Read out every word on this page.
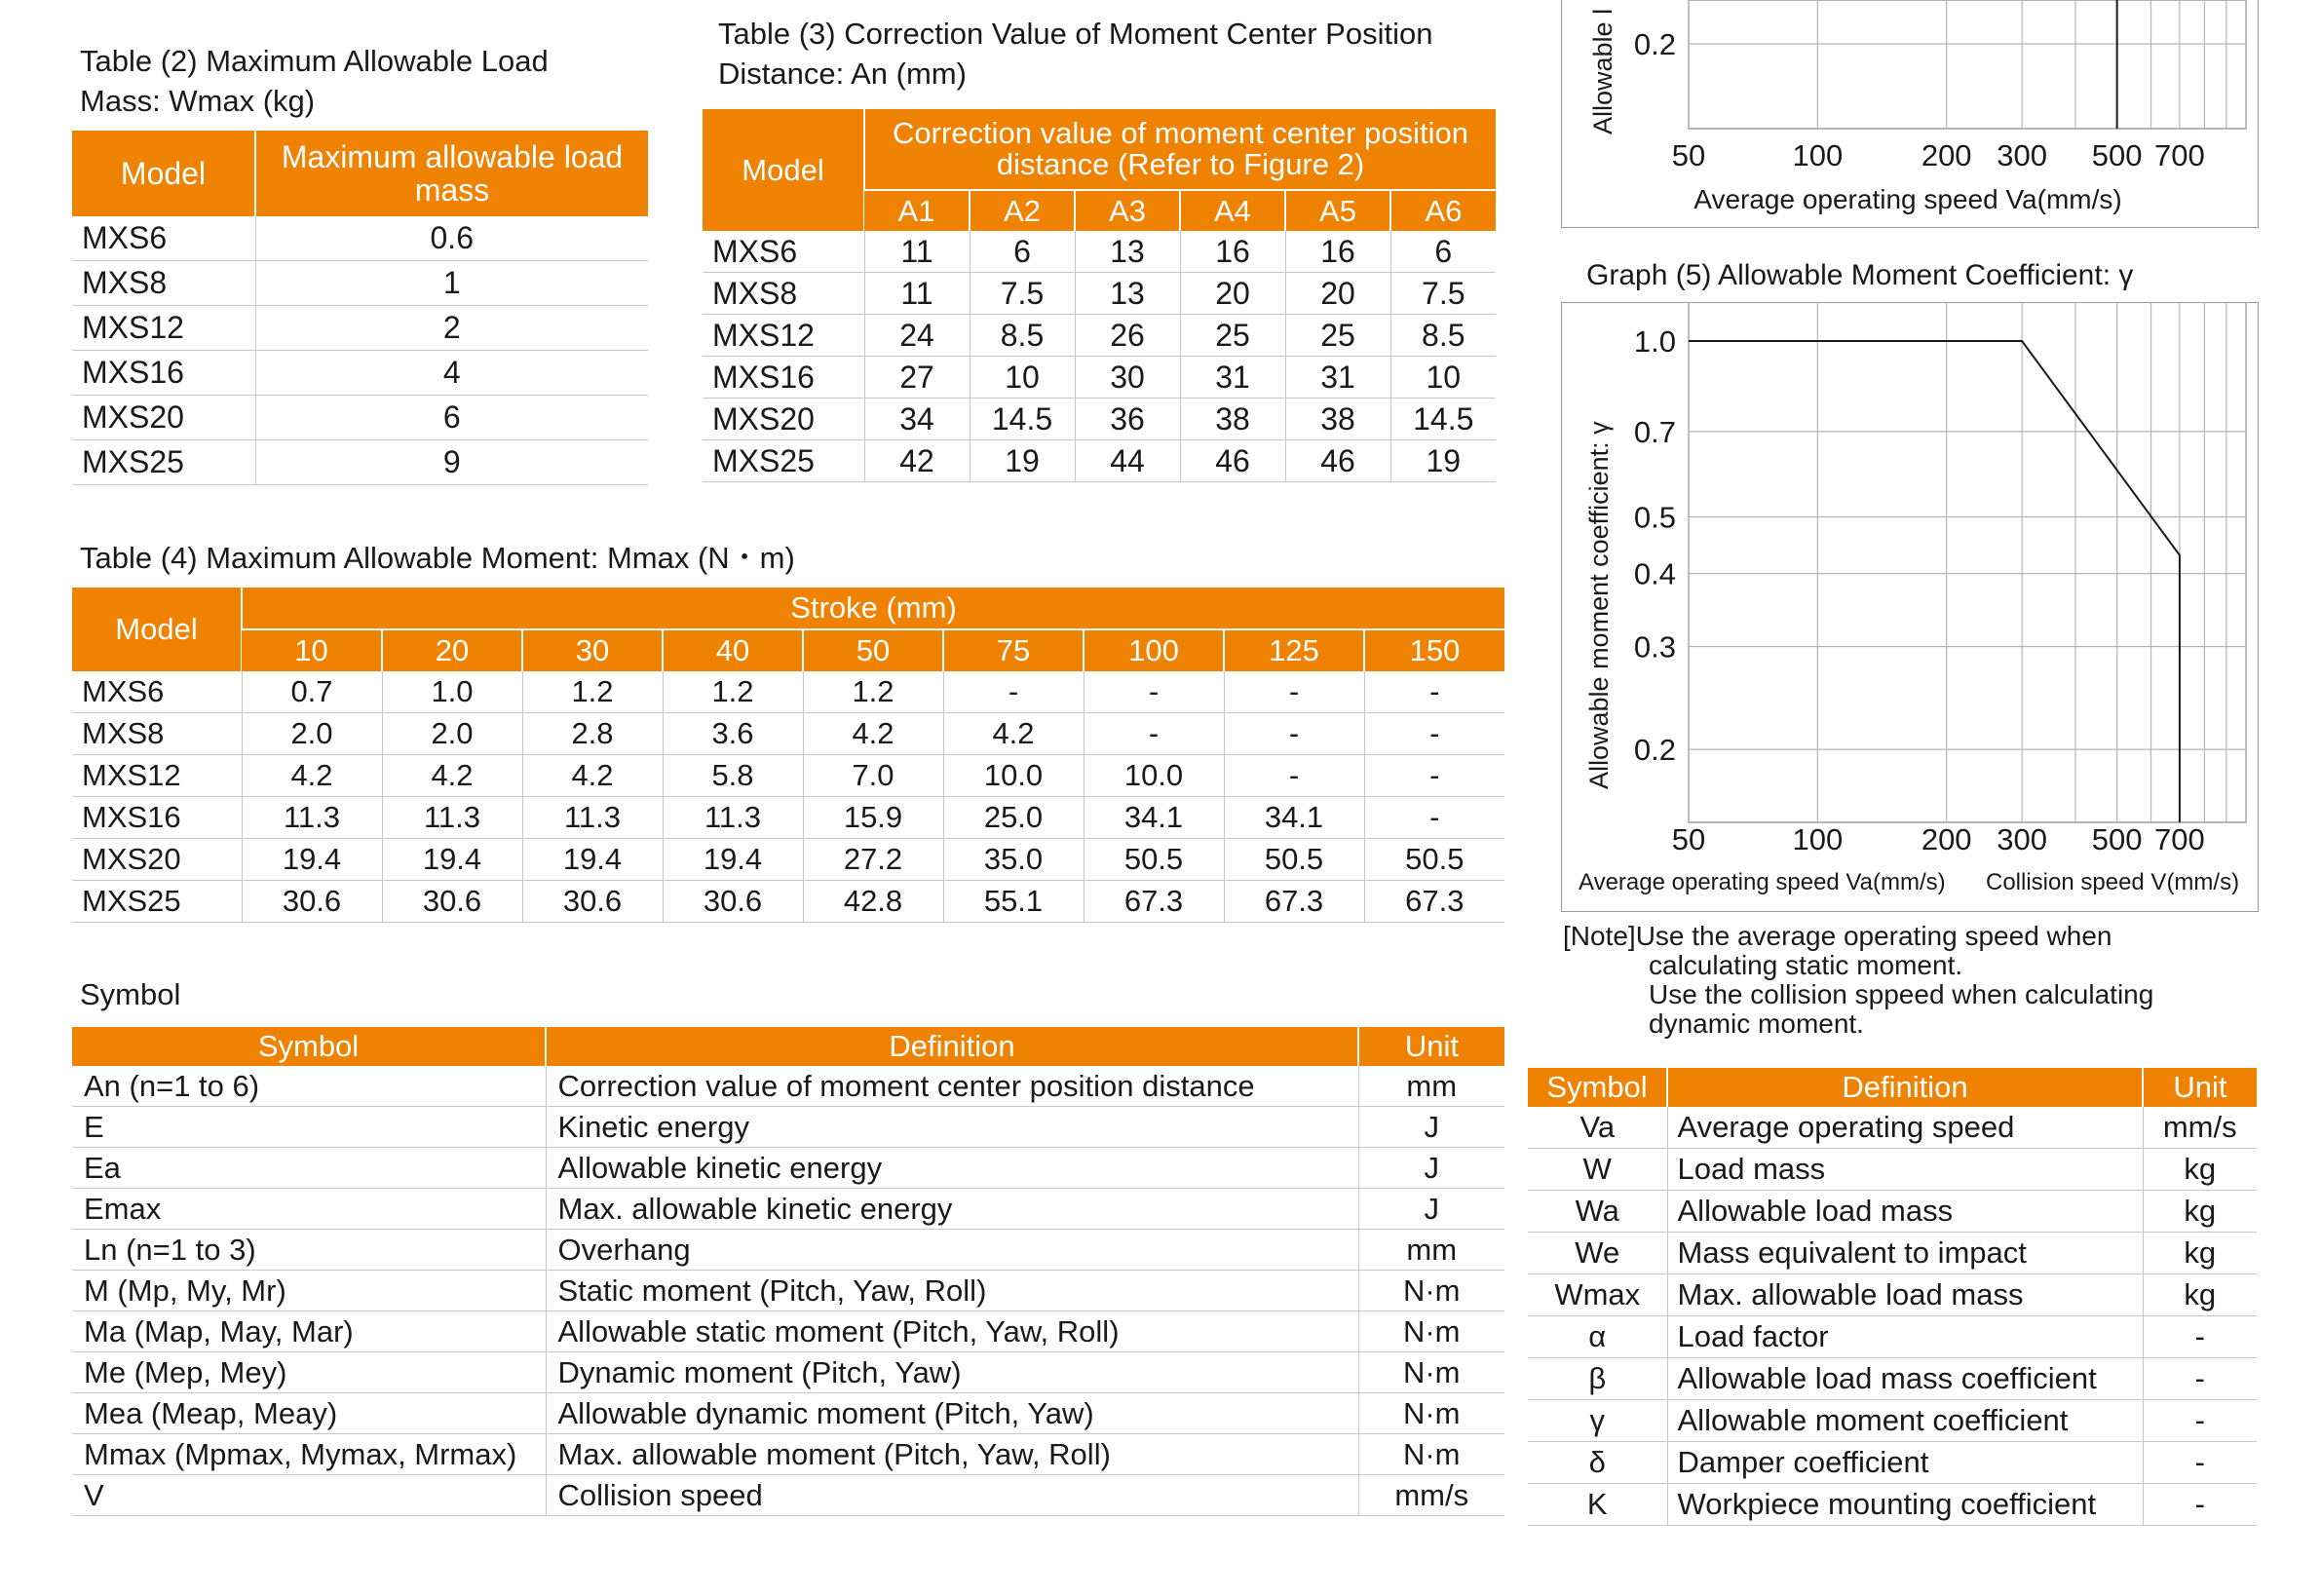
Table (2) Maximum Allowable Load
Mass: Wmax (kg)
Model	Maximum allowable load mass
MXS6	0.6
MXS8	1
MXS12	2
MXS16	4
MXS20	6
MXS25	9
Table (3) Correction Value of Moment Center Position
Distance: An (mm)
Model	Correction value of moment center position distance (Refer to Figure 2)					
	A1	A2	A3	A4	A5	A6
MXS6	11	6	13	16	16	6
MXS8	11	7.5	13	20	20	7.5
MXS12	24	8.5	26	25	25	8.5
MXS16	27	10	30	31	31	10
MXS20	34	14.5	36	38	38	14.5
MXS25	42	19	44	46	46	19
Table (4) Maximum Allowable Moment: Mmax (N・m)
Model	Stroke (mm)								
	10	20	30	40	50	75	100	125	150
MXS6	0.7	1.0	1.2	1.2	1.2	-	-	-	-
MXS8	2.0	2.0	2.8	3.6	4.2	4.2	-	-	-
MXS12	4.2	4.2	4.2	5.8	7.0	10.0	10.0	-	-
MXS16	11.3	11.3	11.3	11.3	15.9	25.0	34.1	34.1	-
MXS20	19.4	19.4	19.4	19.4	27.2	35.0	50.5	50.5	50.5
MXS25	30.6	30.6	30.6	30.6	42.8	55.1	67.3	67.3	67.3
Symbol
Symbol	Definition	Unit
An (n=1 to 6)	Correction value of moment center position distance	mm
E	Kinetic energy	J
Ea	Allowable kinetic energy	J
Emax	Max. allowable kinetic energy	J
Ln (n=1 to 3)	Overhang	mm
M (Mp, My, Mr)	Static moment (Pitch, Yaw, Roll)	N·m
Ma (Map, May, Mar)	Allowable static moment (Pitch, Yaw, Roll)	N·m
Me (Mep, Mey)	Dynamic moment (Pitch, Yaw)	N·m
Mea (Meap, Meay)	Allowable dynamic moment (Pitch, Yaw)	N·m
Mmax (Mpmax, Mymax, Mrmax)	Max. allowable moment (Pitch, Yaw, Roll)	N·m
V	Collision speed	mm/s
Allowable l 0.2
50	100	200 300 500 700
Average operating speed Va(mm/s)
Graph (5) Allowable Moment Coefficient: γ
1.0
0.7
0.5
0.4
0.3
0.2
50	100	200 300 500 700
Allowable moment coefficient: γ
Average operating speed Va(mm/s) Collision speed V(mm/s)
[Note]Use the average operating speed when
calculating static moment.
Use the collision sppeed when calculating
dynamic moment.
Symbol	Definition	Unit
Va	Average operating speed	mm/s
W	Load mass	kg
Wa	Allowable load mass	kg
We	Mass equivalent to impact	kg
Wmax	Max. allowable load mass	kg
α	Load factor	-
β	Allowable load mass coefficient	-
γ	Allowable moment coefficient	-
δ	Damper coefficient	-
K	Workpiece mounting coefficient	-
